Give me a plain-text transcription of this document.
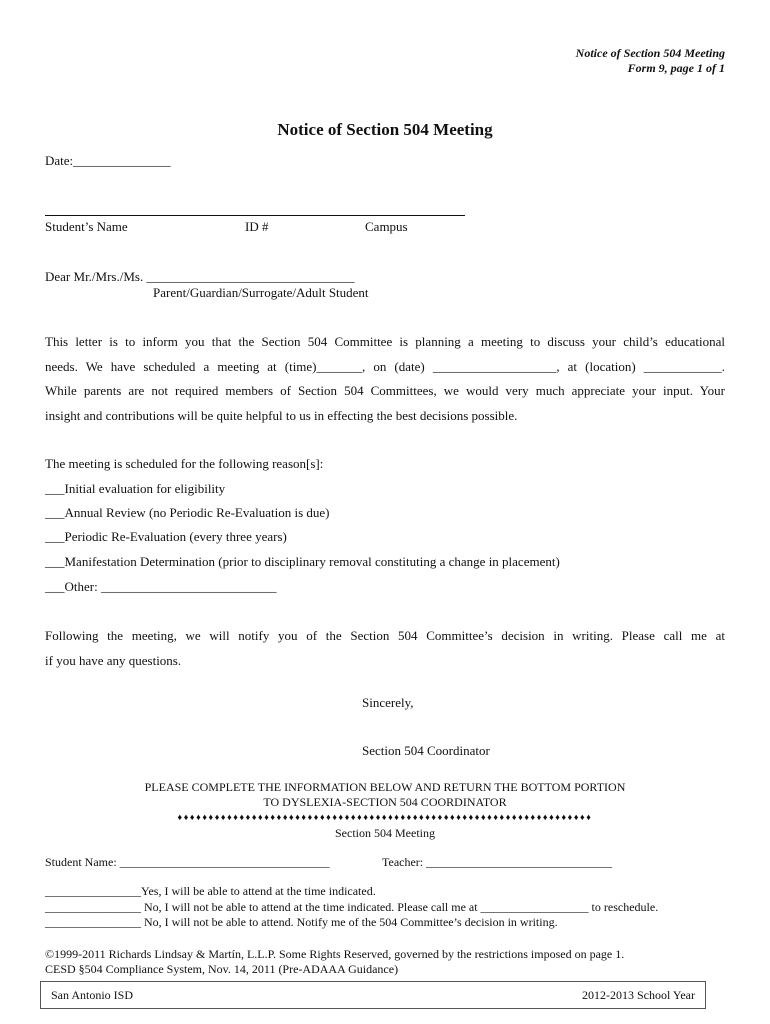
Notice of Section 504 Meeting
Form 9, page 1 of 1
Notice of Section 504 Meeting
Date:_______________
Student’s Name	ID #	Campus
Dear Mr./Mrs./Ms. ________________________________
Parent/Guardian/Surrogate/Adult Student
This letter is to inform you that the Section 504 Committee is planning a meeting to discuss your child’s educational
needs. We have scheduled a meeting at (time)_______, on (date) ___________________, at (location) ____________.
While parents are not required members of Section 504 Committees, we would very much appreciate your input. Your
insight and contributions will be quite helpful to us in effecting the best decisions possible.
The meeting is scheduled for the following reason[s]:
___Initial evaluation for eligibility
___Annual Review (no Periodic Re-Evaluation is due)
___Periodic Re-Evaluation (every three years)
___Manifestation Determination (prior to disciplinary removal constituting a change in placement)
___Other: ___________________________
Following the meeting, we will notify you of the Section 504 Committee’s decision in writing. Please call me at
if you have any questions.
Sincerely,
Section 504 Coordinator
PLEASE COMPLETE THE INFORMATION BELOW AND RETURN THE BOTTOM PORTION
TO DYSLEXIA-SECTION 504 COORDINATOR
♦♦♦♦♦♦♦♦♦♦♦♦♦♦♦♦♦♦♦♦♦♦♦♦♦♦♦♦♦♦♦♦♦♦♦♦♦♦♦♦♦♦♦♦♦♦♦♦♦♦♦♦♦♦♦♦♦♦♦♦♦♦♦♦♦♦♦
Section 504 Meeting
Student Name: ___________________________________	Teacher: _______________________________
________________Yes, I will be able to attend at the time indicated.
________________ No, I will not be able to attend at the time indicated. Please call me at __________________ to reschedule.
________________ No, I will not be able to attend. Notify me of the 504 Committee’s decision in writing.
©1999-2011 Richards Lindsay & Martín, L.L.P. Some Rights Reserved, governed by the restrictions imposed on page 1.
CESD §504 Compliance System, Nov. 14, 2011 (Pre-ADAAA Guidance)
San Antonio ISD	2012-2013 School Year
